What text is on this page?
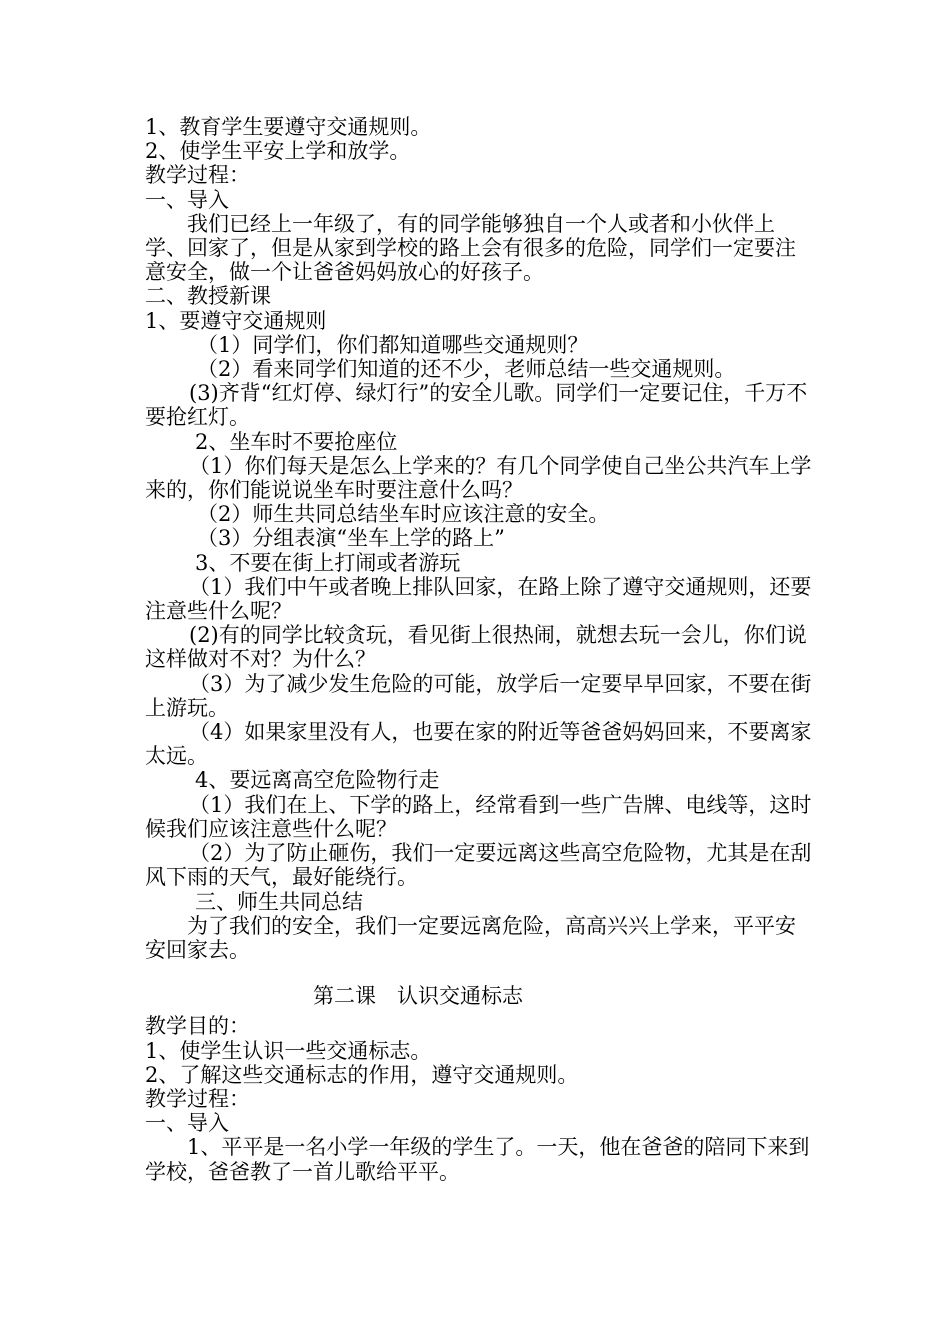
1、教育学生要遵守交通规则。

2、使学生平安上学和放学。

教学过程：

一、导入

我们已经上一年级了，有的同学能够独自一个人或者和小伙伴上学、回家了，但是从家到学校的路上会有很多的危险，同学们一定要注意安全，做一个让爸爸妈妈放心的好孩子。

二、教授新课

1、要遵守交通规则

（1）同学们，你们都知道哪些交通规则？

（2）看来同学们知道的还不少，老师总结一些交通规则。

(3)齐背“红灯停、绿灯行”的安全儿歌。同学们一定要记住，千万不要抢红灯。

2、坐车时不要抢座位

（1）你们每天是怎么上学来的？有几个同学使自己坐公共汽车上学来的，你们能说说坐车时要注意什么吗？

（2）师生共同总结坐车时应该注意的安全。

（3）分组表演“坐车上学的路上”

3、不要在街上打闹或者游玩

（1）我们中午或者晚上排队回家，在路上除了遵守交通规则，还要注意些什么呢？

(2)有的同学比较贪玩，看见街上很热闹，就想去玩一会儿，你们说这样做对不对？为什么？

（3）为了减少发生危险的可能，放学后一定要早早回家，不要在街上游玩。

（4）如果家里没有人，也要在家的附近等爸爸妈妈回来，不要离家太远。

4、要远离高空危险物行走

（1）我们在上、下学的路上，经常看到一些广告牌、电线等，这时候我们应该注意些什么呢？

（2）为了防止砸伤，我们一定要远离这些高空危险物，尤其是在刮风下雨的天气，最好能绕行。

三、师生共同总结

为了我们的安全，我们一定要远离危险，高高兴兴上学来，平平安安回家去。

第二课　认识交通标志

教学目的：

1、使学生认识一些交通标志。

2、了解这些交通标志的作用，遵守交通规则。

教学过程：

一、导入

1、平平是一名小学一年级的学生了。一天，他在爸爸的陪同下来到学校，爸爸教了一首儿歌给平平。
